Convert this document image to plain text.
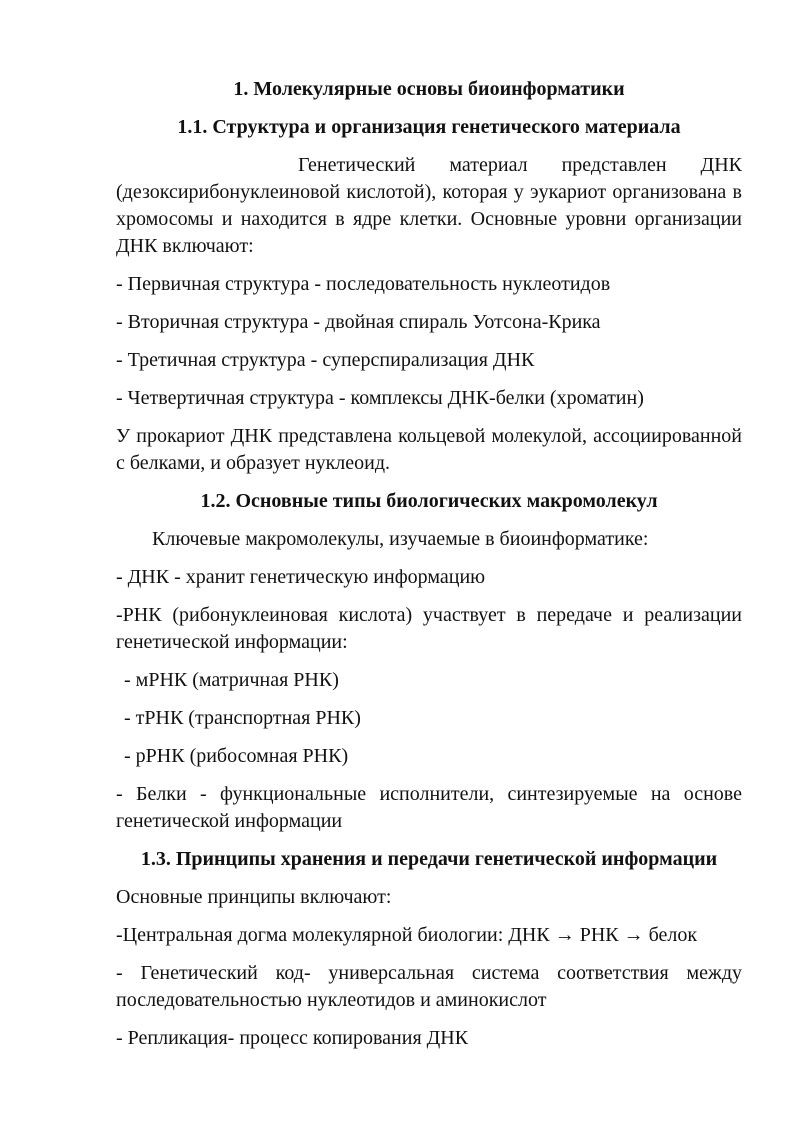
1. Молекулярные основы биоинформатики
1.1. Структура и организация генетического материала

Генетический материал представлен ДНК (дезоксирибонуклеиновой кислотой), которая у эукариот организована в хромосомы и находится в ядре клетки. Основные уровни организации ДНК включают:

- Первичная структура - последовательность нуклеотидов

- Вторичная структура - двойная спираль Уотсона-Крика

- Третичная структура - суперспирализация ДНК

- Четвертичная структура - комплексы ДНК-белки (хроматин)

У прокариот ДНК представлена кольцевой молекулой, ассоциированной с белками, и образует нуклеоид.

1.2. Основные типы биологических макромолекул

Ключевые макромолекулы, изучаемые в биоинформатике:

- ДНК - хранит генетическую информацию

-РНК (рибонуклеиновая кислота) участвует в передаче и реализации генетической информации:

- мРНК (матричная РНК)

- тРНК (транспортная РНК)

- рРНК (рибосомная РНК)

- Белки - функциональные исполнители, синтезируемые на основе генетической информации

1.3. Принципы хранения и передачи генетической информации

Основные принципы включают:

-Центральная догма молекулярной биологии: ДНК → РНК → белок

- Генетический код- универсальная система соответствия между последовательностью нуклеотидов и аминокислот

- Репликация- процесс копирования ДНК
